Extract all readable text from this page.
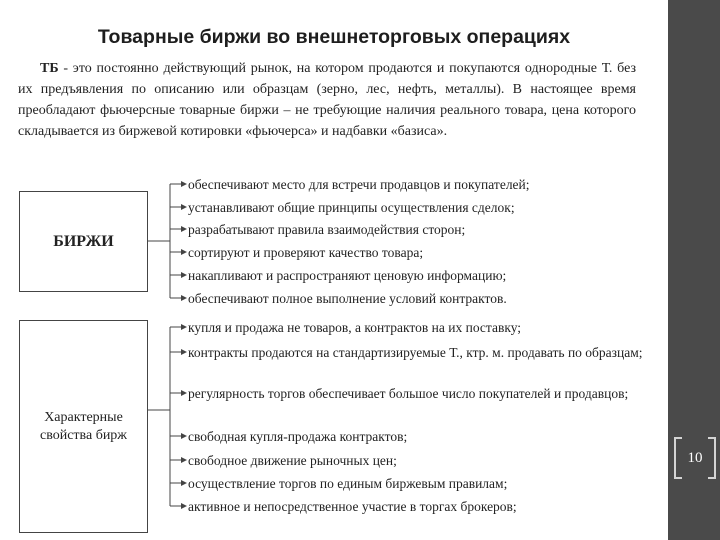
Товарные биржи во внешнеторговых операциях

ТБ - это постоянно действующий рынок, на котором продаются и покупаются однородные Т. без их предъявления по описанию или образцам (зерно, лес, нефть, металлы). В настоящее время преобладают фьючерсные товарные биржи – не требующие наличия реального товара, цена которого складывается из биржевой котировки «фьючерса» и надбавки «базиса».

БИРЖИ
Характерные свойства бирж

обеспечивают место для встречи продавцов и покупателей;

устанавливают общие принципы осуществления сделок;

разрабатывают правила взаимодействия сторон;

сортируют и проверяют качество товара;

накапливают и распространяют ценовую информацию;

обеспечивают полное выполнение условий контрактов.

купля и продажа не товаров, а контрактов на их поставку;

контракты продаются на стандартизируемые Т., ктр. м. продавать по образцам;

регулярность торгов обеспечивает большое число покупателей и продавцов;

свободная купля-продажа контрактов;

свободное движение рыночных цен;

осуществление торгов по единым биржевым правилам;

активное и непосредственное участие в торгах брокеров;

10
